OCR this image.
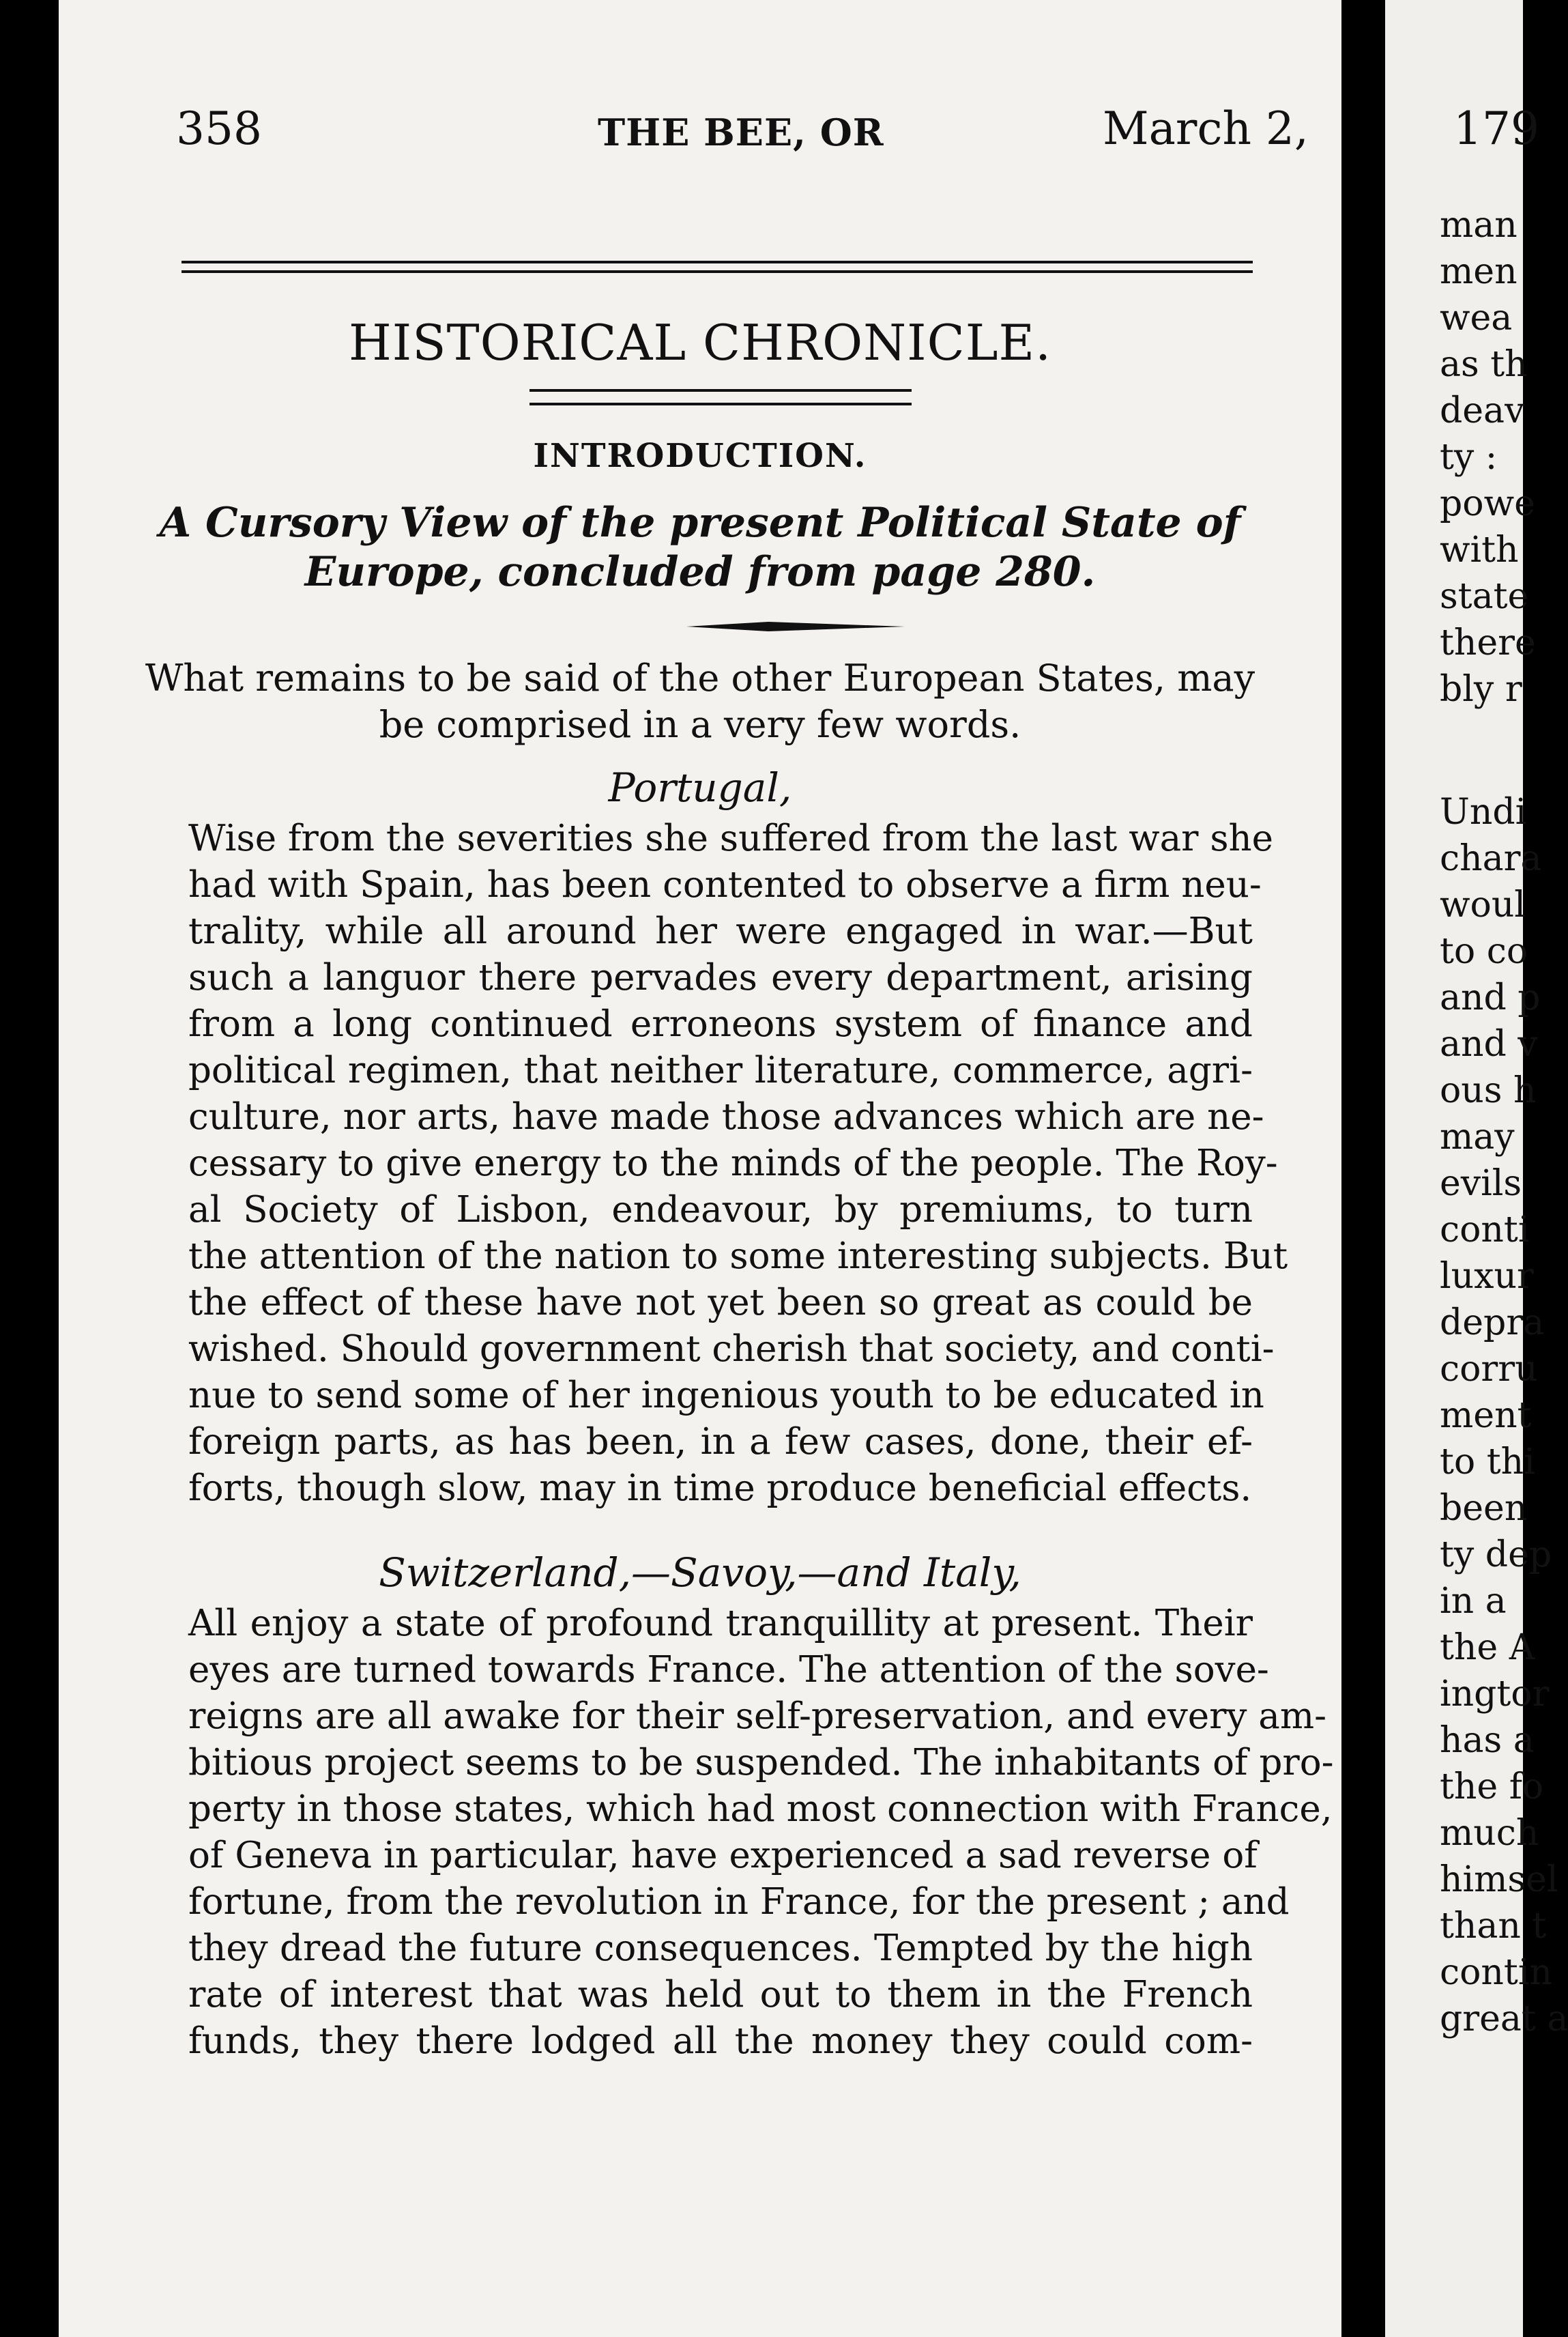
358	THE BEE, OR	March 2,
HISTORICAL CHRONICLE.
INTRODUCTION.
A Cursory View of the present Political State of
Europe, concluded from page 280.
What remains to be said of the other European States, may
be comprised in a very few words.
Portugal,
Wise from the severities she suffered from the last war she
had with Spain, has been contented to observe a firm neu-
trality, while all around her were engaged in war.—But
such a languor there pervades every department, arising
from a long continued erroneons system of finance and
political regimen, that neither literature, commerce, agri-
culture, nor arts, have made those advances which are ne-
cessary to give energy to the minds of the people. The Roy-
al Society of Lisbon, endeavour, by premiums, to turn
the attention of the nation to some interesting subjects. But
the effect of these have not yet been so great as could be
wished. Should government cherish that society, and conti-
nue to send some of her ingenious youth to be educated in
foreign parts, as has been, in a few cases, done, their ef-
forts, though slow, may in time produce beneficial effects.
Switzerland,—Savoy,—and Italy,
All enjoy a state of profound tranquillity at present. Their
eyes are turned towards France. The attention of the sove-
reigns are all awake for their self-preservation, and every am-
bitious project seems to be suspended. The inhabitants of pro-
perty in those states, which had most connection with France,
of Geneva in particular, have experienced a sad reverse of
fortune, from the revolution in France, for the present ; and
they dread the future consequences. Tempted by the high
rate of interest that was held out to them in the French
funds, they there lodged all the money they could com-
179
man
men
wea
as th
deav
ty :
powe
with
state
there
bly r
Undi
chara
woul
to co
and p
and v
ous h
may
evils
conti
luxur
depra
corru
ment
to thi
been
ty dep
in a
the A
ingtor
has a
the fo
much
himsel
than t
contin
great a
